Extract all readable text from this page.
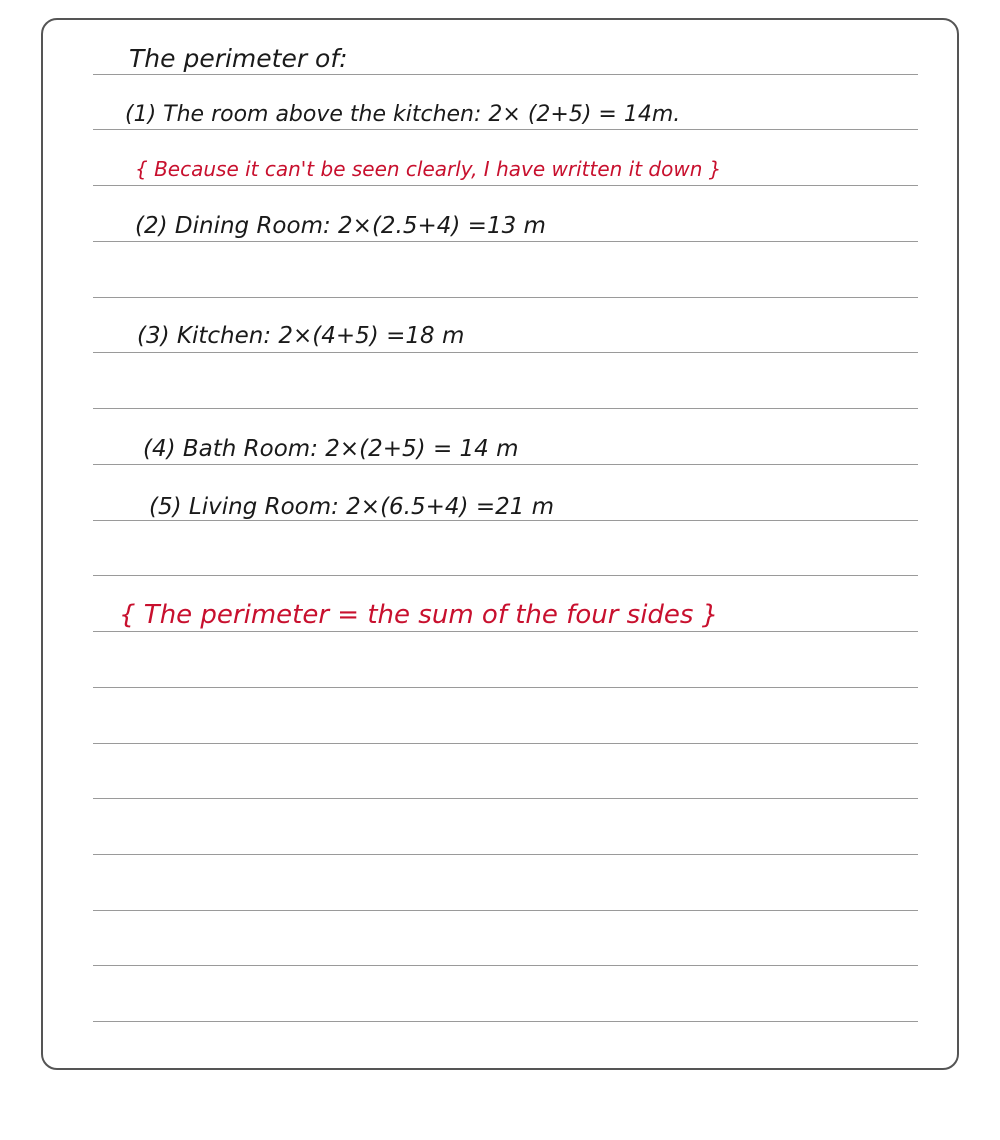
The perimeter of:
(1) The room above the kitchen: 2× (2+5) = 14m.
{ Because it can't be seen clearly, I have written it down }
(2) Dining Room: 2×(2.5+4) =13 m
(3) Kitchen: 2×(4+5) =18 m
(4) Bath Room: 2×(2+5) = 14 m
(5) Living Room: 2×(6.5+4) =21 m
{ The perimeter = the sum of the four sides }
